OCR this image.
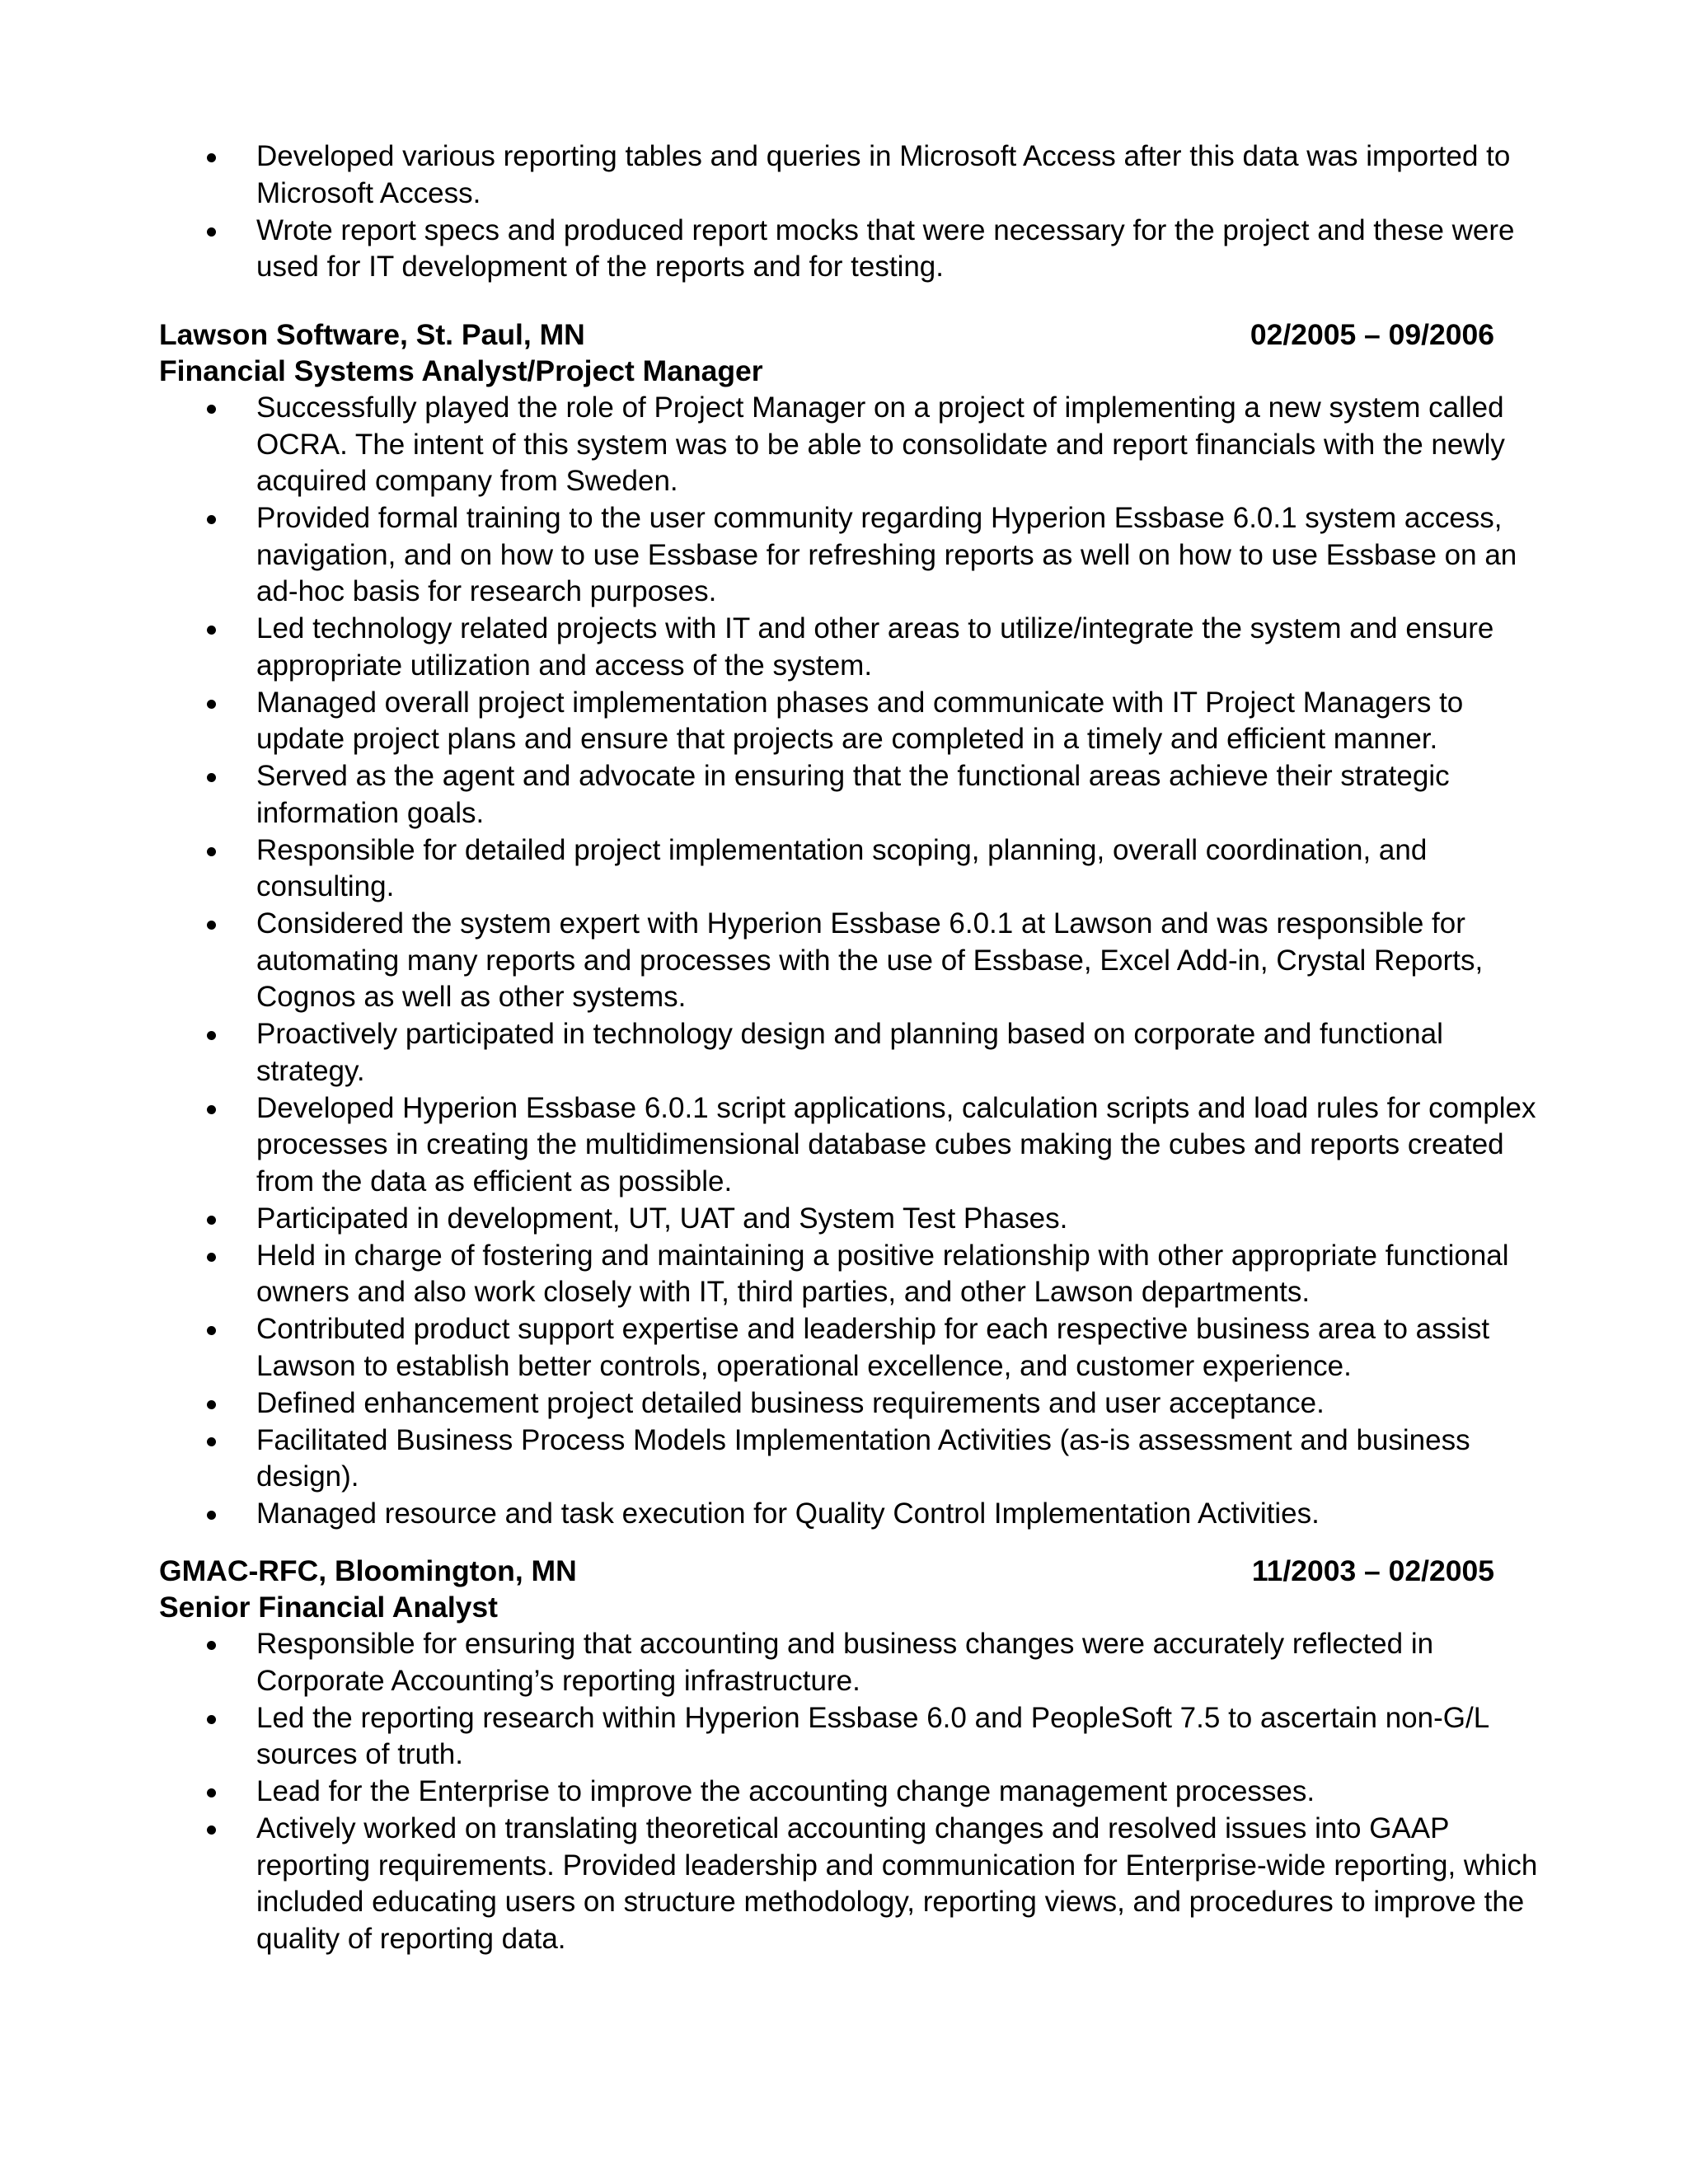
Developed various reporting tables and queries in Microsoft Access after this data was imported to Microsoft Access.
Wrote report specs and produced report mocks that were necessary for the project and these were used for IT development of the reports and for testing.
Lawson Software, St. Paul, MN	02/2005 – 09/2006
Financial Systems Analyst/Project Manager
Successfully played the role of Project Manager on a project of implementing a new system called OCRA. The intent of this system was to be able to consolidate and report financials with the newly acquired company from Sweden.
Provided formal training to the user community regarding Hyperion Essbase 6.0.1 system access, navigation, and on how to use Essbase for refreshing reports as well on how to use Essbase on an ad-hoc basis for research purposes.
Led technology related projects with IT and other areas to utilize/integrate the system and ensure appropriate utilization and access of the system.
Managed overall project implementation phases and communicate with IT Project Managers to update project plans and ensure that projects are completed in a timely and efficient manner.
Served as the agent and advocate in ensuring that the functional areas achieve their strategic information goals.
Responsible for detailed project implementation scoping, planning, overall coordination, and consulting.
Considered the system expert with Hyperion Essbase 6.0.1 at Lawson and was responsible for automating many reports and processes with the use of Essbase, Excel Add-in, Crystal Reports, Cognos as well as other systems.
Proactively participated in technology design and planning based on corporate and functional strategy.
Developed Hyperion Essbase 6.0.1 script applications, calculation scripts and load rules for complex processes in creating the multidimensional database cubes making the cubes and reports created from the data as efficient as possible.
Participated in development, UT, UAT and System Test Phases.
Held in charge of fostering and maintaining a positive relationship with other appropriate functional owners and also work closely with IT, third parties, and other Lawson departments.
Contributed product support expertise and leadership for each respective business area to assist Lawson to establish better controls, operational excellence, and customer experience.
Defined enhancement project detailed business requirements and user acceptance.
Facilitated Business Process Models Implementation Activities (as-is assessment and business design).
Managed resource and task execution for Quality Control Implementation Activities.
GMAC-RFC, Bloomington, MN	11/2003 – 02/2005
Senior Financial Analyst
Responsible for ensuring that accounting and business changes were accurately reflected in Corporate Accounting’s reporting infrastructure.
Led the reporting research within Hyperion Essbase 6.0 and PeopleSoft 7.5 to ascertain non-G/L sources of truth.
Lead for the Enterprise to improve the accounting change management processes.
Actively worked on translating theoretical accounting changes and resolved issues into GAAP reporting requirements. Provided leadership and communication for Enterprise-wide reporting, which included educating users on structure methodology, reporting views, and procedures to improve the quality of reporting data.
